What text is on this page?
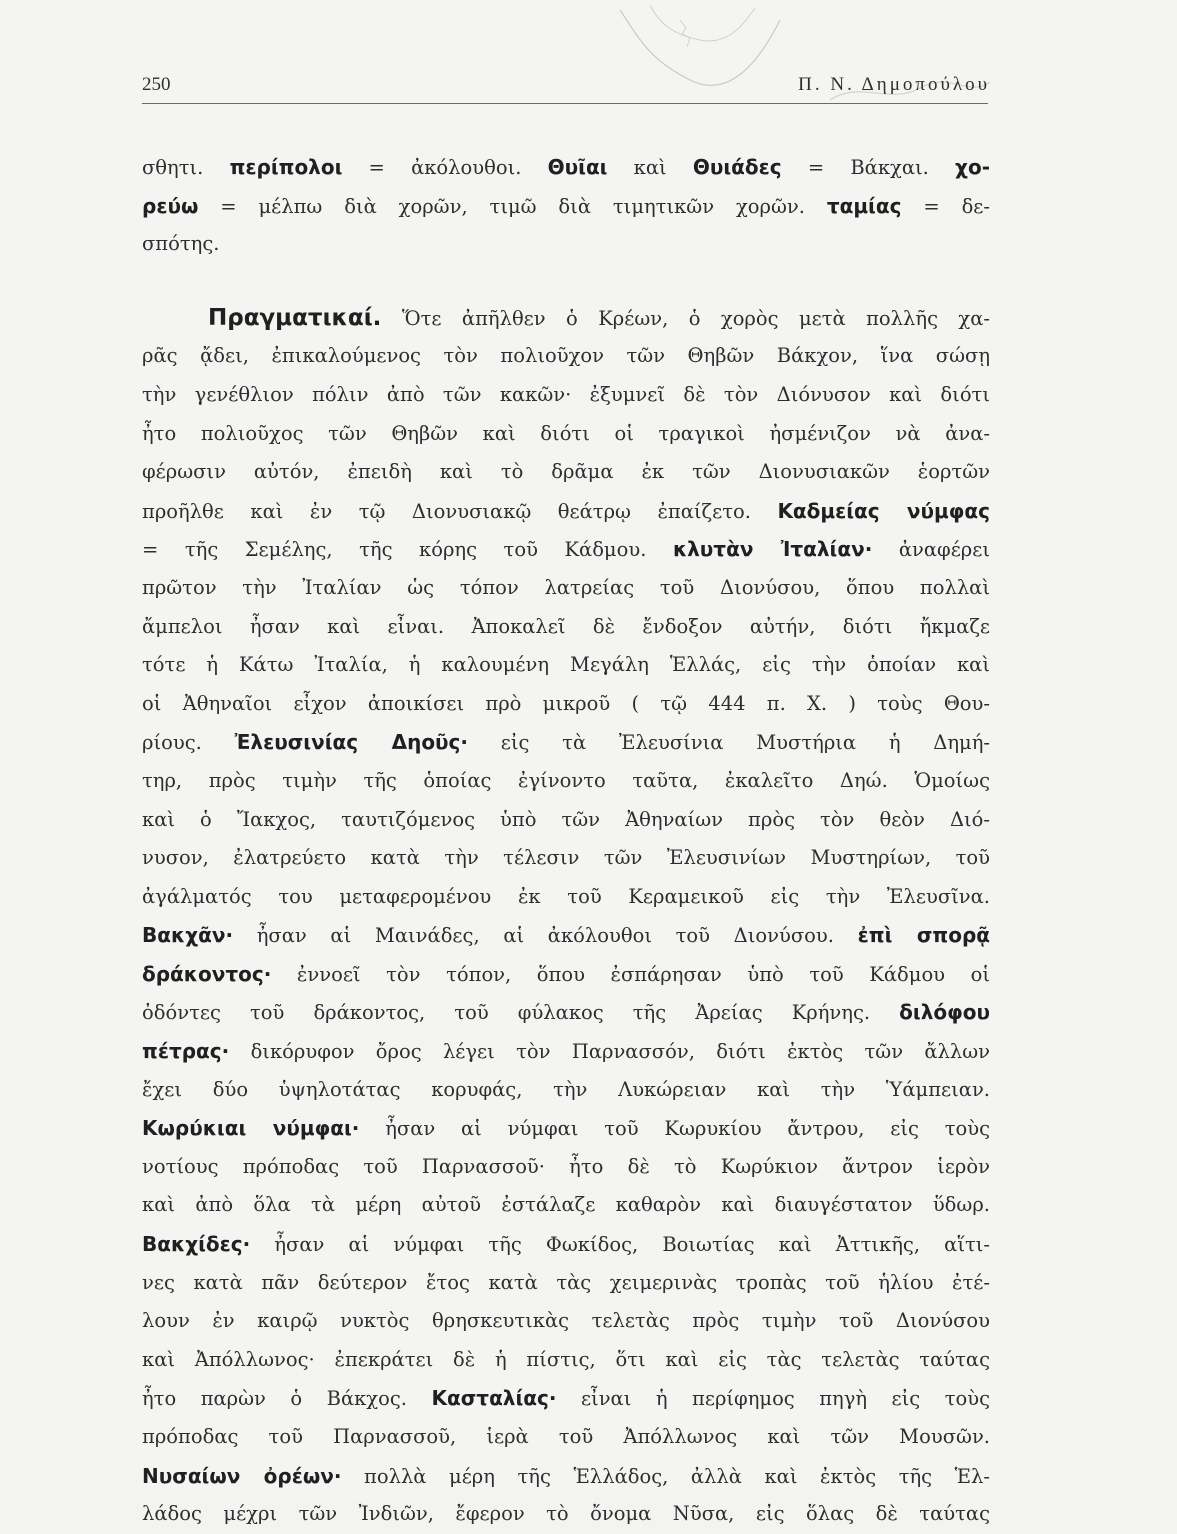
250	Π. Ν. Δημοπούλου
σθητι. περίπολοι = ἀκόλουθοι. Θυῖαι καὶ Θυιάδες = Βάκχαι. χο-
ρεύω = μέλπω διὰ χορῶν, τιμῶ διὰ τιμητικῶν χορῶν. ταμίας = δε-
σπότης.
Πραγματικαί. Ὅτε ἀπῆλθεν ὁ Κρέων, ὁ χορὸς μετὰ πολλῆς χα-
ρᾶς ᾄδει, ἐπικαλούμενος τὸν πολιοῦχον τῶν Θηβῶν Βάκχον, ἵνα σώσῃ
τὴν γενέθλιον πόλιν ἀπὸ τῶν κακῶν· ἐξυμνεῖ δὲ τὸν Διόνυσον καὶ διότι
ἦτο πολιοῦχος τῶν Θηβῶν καὶ διότι οἱ τραγικοὶ ἠσμένιζον νὰ ἀνα-
φέρωσιν αὐτόν, ἐπειδὴ καὶ τὸ δρᾶμα ἐκ τῶν Διονυσιακῶν ἑορτῶν
προῆλθε καὶ ἐν τῷ Διονυσιακῷ θεάτρῳ ἐπαίζετο. Καδμείας νύμφας
= τῆς Σεμέλης, τῆς κόρης τοῦ Κάδμου. κλυτὰν Ἰταλίαν· ἀναφέρει
πρῶτον τὴν Ἰταλίαν ὡς τόπον λατρείας τοῦ Διονύσου, ὅπου πολλαὶ
ἄμπελοι ἦσαν καὶ εἶναι. Ἀποκαλεῖ δὲ ἔνδοξον αὐτήν, διότι ἤκμαζε
τότε ἡ Κάτω Ἰταλία, ἡ καλουμένη Μεγάλη Ἑλλάς, εἰς τὴν ὁποίαν καὶ
οἱ Ἀθηναῖοι εἶχον ἀποικίσει πρὸ μικροῦ ( τῷ 444 π. Χ. ) τοὺς Θου-
ρίους. Ἐλευσινίας Δηοῦς· εἰς τὰ Ἐλευσίνια Μυστήρια ἡ Δημή-
τηρ, πρὸς τιμὴν τῆς ὁποίας ἐγίνοντο ταῦτα, ἐκαλεῖτο Δηώ. Ὁμοίως
καὶ ὁ Ἴακχος, ταυτιζόμενος ὑπὸ τῶν Ἀθηναίων πρὸς τὸν θεὸν Διό-
νυσον, ἐλατρεύετο κατὰ τὴν τέλεσιν τῶν Ἐλευσινίων Μυστηρίων, τοῦ
ἀγάλματός του μεταφερομένου ἐκ τοῦ Κεραμεικοῦ εἰς τὴν Ἐλευσῖνα.
Βακχᾶν· ἦσαν αἱ Μαινάδες, αἱ ἀκόλουθοι τοῦ Διονύσου. ἐπὶ σπορᾷ
δράκοντος· ἐννοεῖ τὸν τόπον, ὅπου ἐσπάρησαν ὑπὸ τοῦ Κάδμου οἱ
ὀδόντες τοῦ δράκοντος, τοῦ φύλακος τῆς Ἀρείας Κρήνης. διλόφου
πέτρας· δικόρυφον ὄρος λέγει τὸν Παρνασσόν, διότι ἐκτὸς τῶν ἄλλων
ἔχει δύο ὑψηλοτάτας κορυφάς, τὴν Λυκώρειαν καὶ τὴν Ὑάμπειαν.
Κωρύκιαι νύμφαι· ἦσαν αἱ νύμφαι τοῦ Κωρυκίου ἄντρου, εἰς τοὺς
νοτίους πρόποδας τοῦ Παρνασσοῦ· ἦτο δὲ τὸ Κωρύκιον ἄντρον ἱερὸν
καὶ ἀπὸ ὅλα τὰ μέρη αὐτοῦ ἐστάλαζε καθαρὸν καὶ διαυγέστατον ὕδωρ.
Βακχίδες· ἦσαν αἱ νύμφαι τῆς Φωκίδος, Βοιωτίας καὶ Ἀττικῆς, αἵτι-
νες κατὰ πᾶν δεύτερον ἔτος κατὰ τὰς χειμερινὰς τροπὰς τοῦ ἡλίου ἐτέ-
λουν ἐν καιρῷ νυκτὸς θρησκευτικὰς τελετὰς πρὸς τιμὴν τοῦ Διονύσου
καὶ Ἀπόλλωνος· ἐπεκράτει δὲ ἡ πίστις, ὅτι καὶ εἰς τὰς τελετὰς ταύτας
ἦτο παρὼν ὁ Βάκχος. Κασταλίας· εἶναι ἡ περίφημος πηγὴ εἰς τοὺς
πρόποδας τοῦ Παρνασσοῦ, ἱερὰ τοῦ Ἀπόλλωνος καὶ τῶν Μουσῶν.
Νυσαίων ὀρέων· πολλὰ μέρη τῆς Ἑλλάδος, ἀλλὰ καὶ ἐκτὸς τῆς Ἑλ-
λάδος μέχρι τῶν Ἰνδιῶν, ἔφερον τὸ ὄνομα Νῦσα, εἰς ὅλας δὲ ταύτας
